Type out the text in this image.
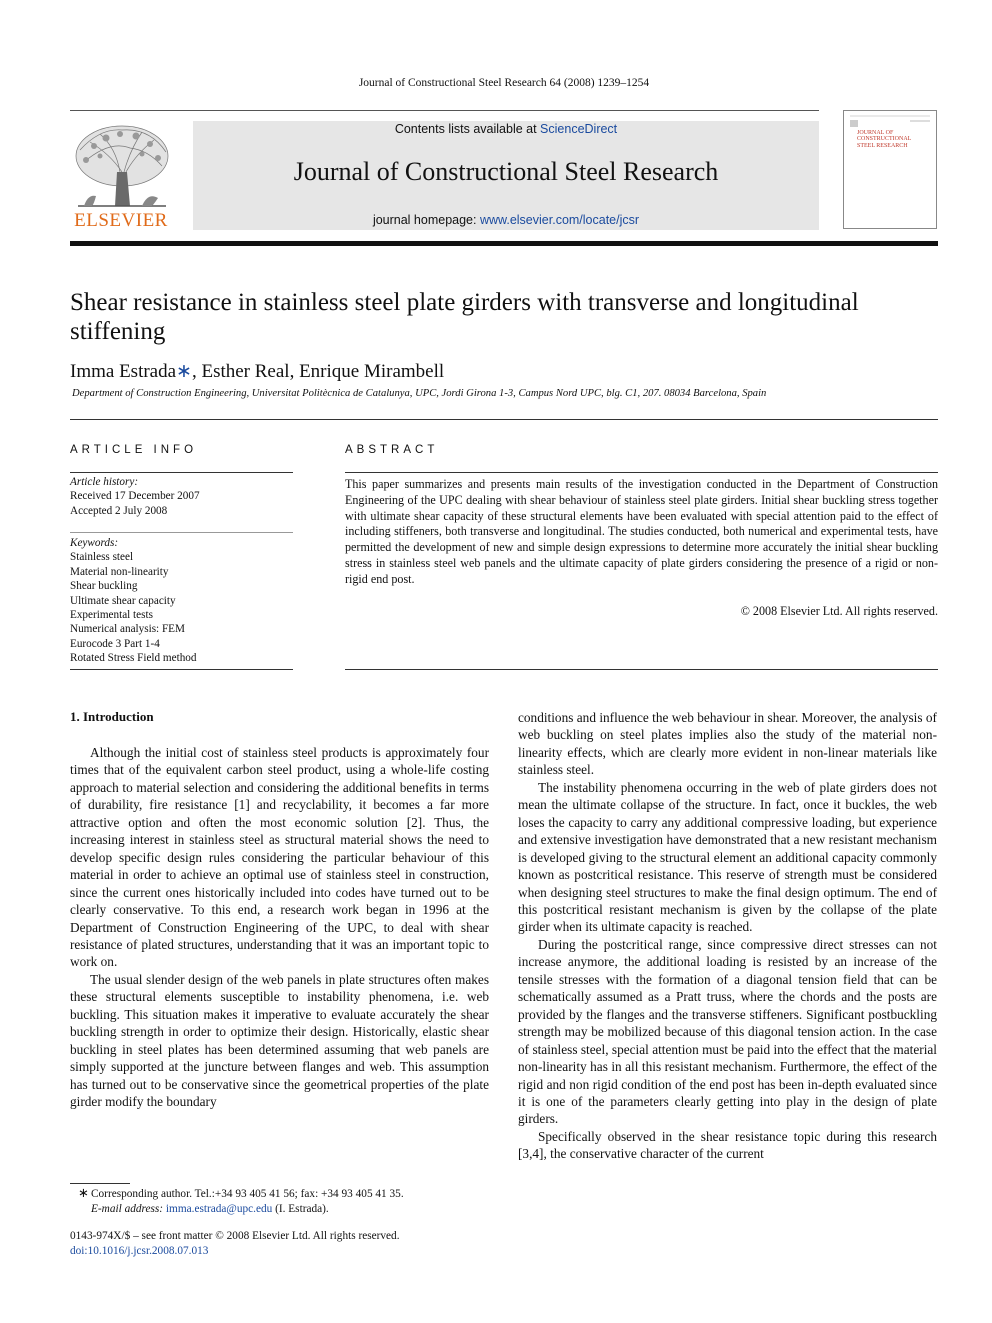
Journal of Constructional Steel Research 64 (2008) 1239–1254
ELSEVIER
Contents lists available at ScienceDirect
Journal of Constructional Steel Research
journal homepage: www.elsevier.com/locate/jcsr
JOURNAL OF
CONSTRUCTIONAL
STEEL RESEARCH
Shear resistance in stainless steel plate girders with transverse and longitudinal stiffening
Imma Estrada∗, Esther Real, Enrique Mirambell
Department of Construction Engineering, Universitat Politècnica de Catalunya, UPC, Jordi Girona 1-3, Campus Nord UPC, blg. C1, 207. 08034 Barcelona, Spain
ARTICLE INFO
Article history:
Received 17 December 2007
Accepted 2 July 2008
Keywords:
Stainless steel
Material non-linearity
Shear buckling
Ultimate shear capacity
Experimental tests
Numerical analysis: FEM
Eurocode 3 Part 1-4
Rotated Stress Field method
ABSTRACT
This paper summarizes and presents main results of the investigation conducted in the Department of Construction Engineering of the UPC dealing with shear behaviour of stainless steel plate girders. Initial shear buckling stress together with ultimate shear capacity of these structural elements have been evaluated with special attention paid to the effect of including stiffeners, both transverse and longitudinal. The studies conducted, both numerical and experimental tests, have permitted the development of new and simple design expressions to determine more accurately the initial shear buckling stress in stainless steel web panels and the ultimate capacity of plate girders considering the presence of a rigid or non-rigid end post.
© 2008 Elsevier Ltd. All rights reserved.
1. Introduction

Although the initial cost of stainless steel products is approximately four times that of the equivalent carbon steel product, using a whole-life costing approach to material selection and considering the additional benefits in terms of durability, fire resistance [1] and recyclability, it becomes a far more attractive option and often the most economic solution [2]. Thus, the increasing interest in stainless steel as structural material shows the need to develop specific design rules considering the particular behaviour of this material in order to achieve an optimal use of stainless steel in construction, since the current ones historically included into codes have turned out to be clearly conservative. To this end, a research work began in 1996 at the Department of Construction Engineering of the UPC, to deal with shear resistance of plated structures, understanding that it was an important topic to work on.

The usual slender design of the web panels in plate structures often makes these structural elements susceptible to instability phenomena, i.e. web buckling. This situation makes it imperative to evaluate accurately the shear buckling strength in order to optimize their design. Historically, elastic shear buckling in steel plates has been determined assuming that web panels are simply supported at the juncture between flanges and web. This assumption has turned out to be conservative since the geometrical properties of the plate girder modify the boundary

conditions and influence the web behaviour in shear. Moreover, the analysis of web buckling on steel plates implies also the study of the material non-linearity effects, which are clearly more evident in non-linear materials like stainless steel.

The instability phenomena occurring in the web of plate girders does not mean the ultimate collapse of the structure. In fact, once it buckles, the web loses the capacity to carry any additional compressive loading, but experience and extensive investigation have demonstrated that a new resistant mechanism is developed giving to the structural element an additional capacity commonly known as postcritical resistance. This reserve of strength must be considered when designing steel structures to make the final design optimum. The end of this postcritical resistant mechanism is given by the collapse of the plate girder when its ultimate capacity is reached.

During the postcritical range, since compressive direct stresses can not increase anymore, the additional loading is resisted by an increase of the tensile stresses with the formation of a diagonal tension field that can be schematically assumed as a Pratt truss, where the chords and the posts are provided by the flanges and the transverse stiffeners. Significant postbuckling strength may be mobilized because of this diagonal tension action. In the case of stainless steel, special attention must be paid into the effect that the material non-linearity has in all this resistant mechanism. Furthermore, the effect of the rigid and non rigid condition of the end post has been in-depth evaluated since it is one of the parameters clearly getting into play in the design of plate girders.

Specifically observed in the shear resistance topic during this research [3,4], the conservative character of the current

∗ Corresponding author. Tel.:+34 93 405 41 56; fax: +34 93 405 41 35.
E-mail address: imma.estrada@upc.edu (I. Estrada).
0143-974X/$ – see front matter © 2008 Elsevier Ltd. All rights reserved.
doi:10.1016/j.jcsr.2008.07.013
